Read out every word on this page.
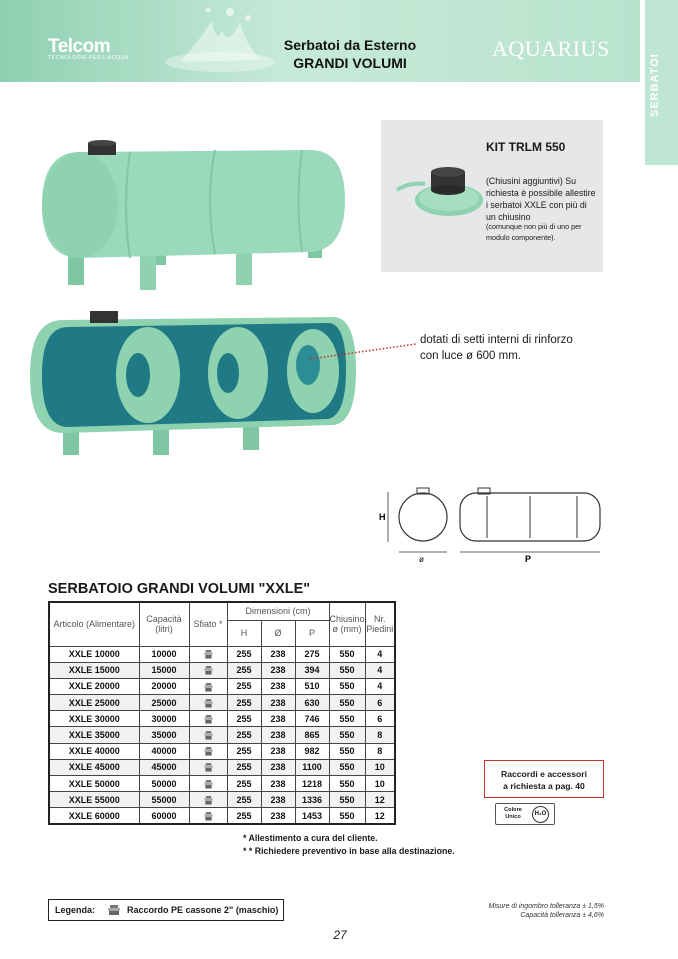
Telcom
TECNOLOGIE PER L'ACQUA
Serbatoi da Esterno
GRANDI VOLUMI
AQUARIUS
SERBATOI
KIT TRLM 550
(Chiusini aggiuntivi) Su richiesta è possibile allestire i serbatoi XXLE con più di un chiusino
(comunque non più di uno per modulo componente).
dotati di setti interni di rinforzo
con luce ø 600 mm.
H
ø	P
SERBATOIO GRANDI VOLUMI "XXLE"
Articolo (Alimentare)	Capacità (litri)	Sfiato *	Dimensioni (cm)			Chiusino ø (mm)	Nr. Piedini
			H	Ø	P		
XXLE 10000	10000		255	238	275	550	4
XXLE 15000	15000		255	238	394	550	4
XXLE 20000	20000		255	238	510	550	4
XXLE 25000	25000		255	238	630	550	6
XXLE 30000	30000		255	238	746	550	6
XXLE 35000	35000		255	238	865	550	8
XXLE 40000	40000		255	238	982	550	8
XXLE 45000	45000		255	238	1100	550	10
XXLE 50000	50000		255	238	1218	550	10
XXLE 55000	55000		255	238	1336	550	12
XXLE 60000	60000		255	238	1453	550	12
* Allestimento a cura del cliente.
* * Richiedere preventivo in base alla destinazione.
Raccordi e accessori
a richiesta a pag. 40
Colore Unico	H₂O
Legenda:	Raccordo PE cassone 2" (maschio)	Misure di ingombro tolleranza ± 1,5%
Capacità tolleranza ± 4,6%
27
